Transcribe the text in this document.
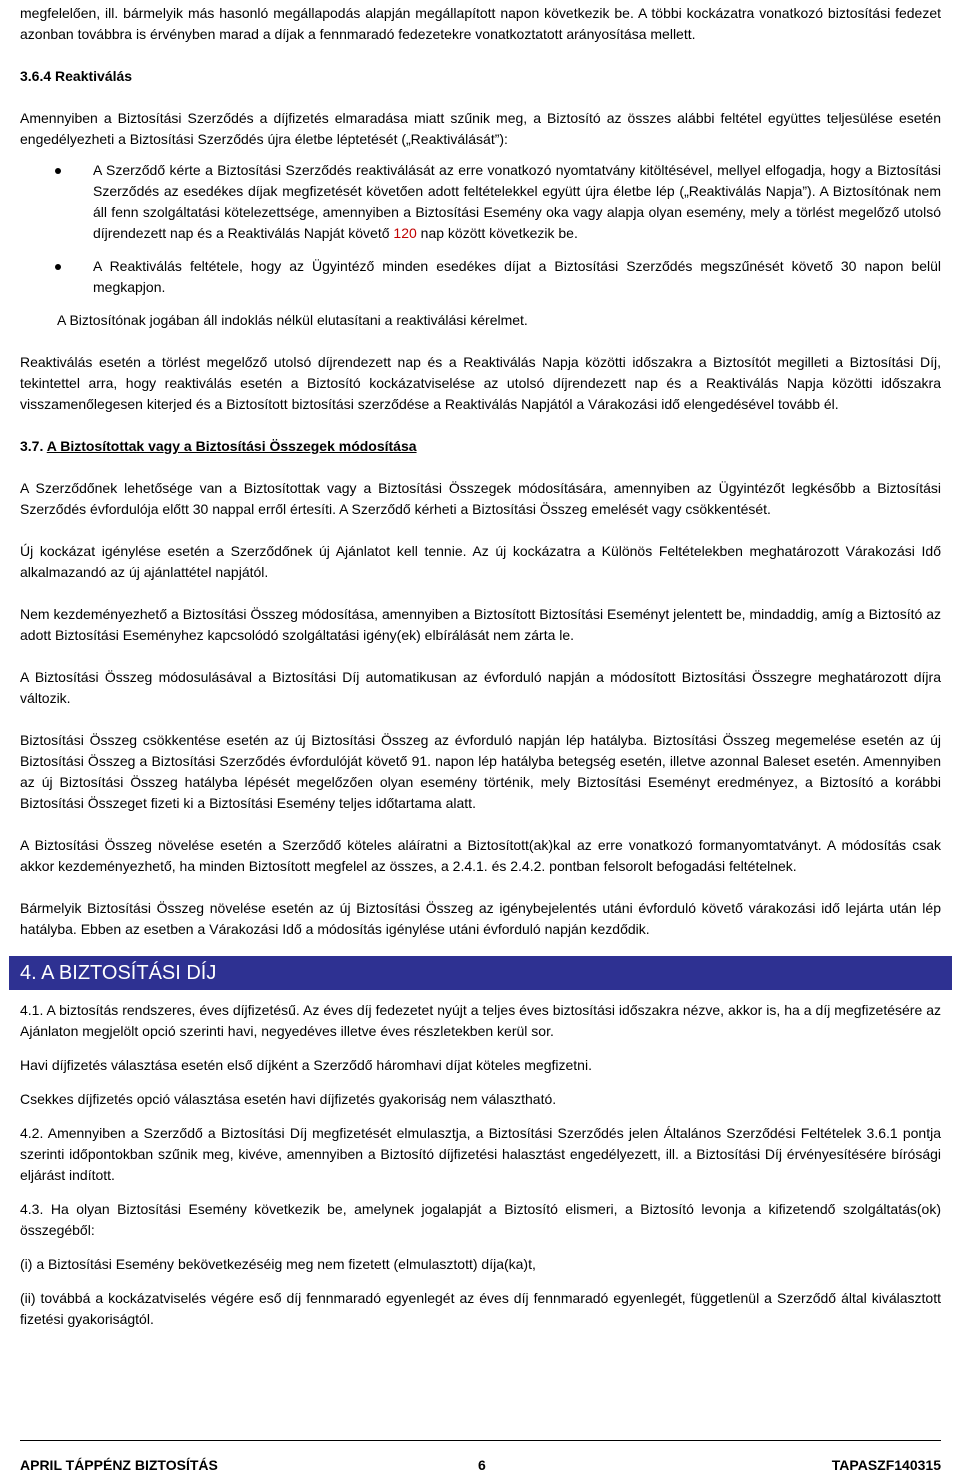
megfelelően, ill. bármelyik más hasonló megállapodás alapján megállapított napon következik be. A többi kockázatra vonatkozó biztosítási fedezet azonban továbbra is érvényben marad a díjak a fennmaradó fedezetekre vonatkoztatott arányosítása mellett.

3.6.4 Reaktiválás

Amennyiben a Biztosítási Szerződés a díjfizetés elmaradása miatt szűnik meg, a Biztosító az összes alábbi feltétel együttes teljesülése esetén engedélyezheti a Biztosítási Szerződés újra életbe léptetését („Reaktiválását”):

A Szerződő kérte a Biztosítási Szerződés reaktiválását az erre vonatkozó nyomtatvány kitöltésével, mellyel elfogadja, hogy a Biztosítási Szerződés az esedékes díjak megfizetését követően adott feltételekkel együtt újra életbe lép („Reaktiválás Napja”). A Biztosítónak nem áll fenn szolgáltatási kötelezettsége, amennyiben a Biztosítási Esemény oka vagy alapja olyan esemény, mely a törlést megelőző utolsó díjrendezett nap és a Reaktiválás Napját követő 120 nap között következik be.
A Reaktiválás feltétele, hogy az Ügyintéző minden esedékes díjat a Biztosítási Szerződés megszűnését követő 30 napon belül megkapjon.

A Biztosítónak jogában áll indoklás nélkül elutasítani a reaktiválási kérelmet.

Reaktiválás esetén a törlést megelőző utolsó díjrendezett nap és a Reaktiválás Napja közötti időszakra a Biztosítót megilleti a Biztosítási Díj, tekintettel arra, hogy reaktiválás esetén a Biztosító kockázatviselése az utolsó díjrendezett nap és a Reaktiválás Napja közötti időszakra visszamenőlegesen kiterjed és a Biztosított biztosítási szerződése a Reaktiválás Napjától a Várakozási idő elengedésével tovább él.

3.7. A Biztosítottak vagy a Biztosítási Összegek módosítása

A Szerződőnek lehetősége van a Biztosítottak vagy a Biztosítási Összegek módosítására, amennyiben az Ügyintézőt legkésőbb a Biztosítási Szerződés évfordulója előtt 30 nappal erről értesíti. A Szerződő kérheti a Biztosítási Összeg emelését vagy csökkentését.

Új kockázat igénylése esetén a Szerződőnek új Ajánlatot kell tennie. Az új kockázatra a Különös Feltételekben meghatározott Várakozási Idő alkalmazandó az új ajánlattétel napjától.

Nem kezdeményezhető a Biztosítási Összeg módosítása, amennyiben a Biztosított Biztosítási Eseményt jelentett be, mindaddig, amíg a Biztosító az adott Biztosítási Eseményhez kapcsolódó szolgáltatási igény(ek) elbírálását nem zárta le.

A Biztosítási Összeg módosulásával a Biztosítási Díj automatikusan az évforduló napján a módosított Biztosítási Összegre meghatározott díjra változik.

Biztosítási Összeg csökkentése esetén az új Biztosítási Összeg az évforduló napján lép hatályba. Biztosítási Összeg megemelése esetén az új Biztosítási Összeg a Biztosítási Szerződés évfordulóját követő 91. napon lép hatályba betegség esetén, illetve azonnal Baleset esetén. Amennyiben az új Biztosítási Összeg hatályba lépését megelőzően olyan esemény történik, mely Biztosítási Eseményt eredményez, a Biztosító a korábbi Biztosítási Összeget fizeti ki a Biztosítási Esemény teljes időtartama alatt.

A Biztosítási Összeg növelése esetén a Szerződő köteles aláíratni a Biztosított(ak)kal az erre vonatkozó formanyomtatványt. A módosítás csak akkor kezdeményezhető, ha minden Biztosított megfelel az összes, a 2.4.1. és 2.4.2. pontban felsorolt befogadási feltételnek.

Bármelyik Biztosítási Összeg növelése esetén az új Biztosítási Összeg az igénybejelentés utáni évforduló követő várakozási idő lejárta után lép hatályba. Ebben az esetben a Várakozási Idő a módosítás igénylése utáni évforduló napján kezdődik.

4. A BIZTOSÍTÁSI DÍJ

4.1. A biztosítás rendszeres, éves díjfizetésű. Az éves díj fedezetet nyújt a teljes éves biztosítási időszakra nézve, akkor is, ha a díj megfizetésére az Ajánlaton megjelölt opció szerinti havi, negyedéves illetve éves részletekben kerül sor.

Havi díjfizetés választása esetén első díjként a Szerződő háromhavi díjat köteles megfizetni.

Csekkes díjfizetés opció választása esetén havi díjfizetés gyakoriság nem választható.

4.2. Amennyiben a Szerződő a Biztosítási Díj megfizetését elmulasztja, a Biztosítási Szerződés jelen Általános Szerződési Feltételek 3.6.1 pontja szerinti időpontokban szűnik meg, kivéve, amennyiben a Biztosító díjfizetési halasztást engedélyezett, ill. a Biztosítási Díj érvényesítésére bírósági eljárást indított.

4.3. Ha olyan Biztosítási Esemény következik be, amelynek jogalapját a Biztosító elismeri, a Biztosító levonja a kifizetendő szolgáltatás(ok) összegéből:

(i) a Biztosítási Esemény bekövetkezéséig meg nem fizetett (elmulasztott) díja(ka)t,

(ii) továbbá a kockázatviselés végére eső díj fennmaradó egyenlegét az éves díj fennmaradó egyenlegét, függetlenül a Szerződő által kiválasztott fizetési gyakoriságtól.

APRIL TÁPPÉNZ BIZTOSÍTÁS	6	TAPASZF140315
